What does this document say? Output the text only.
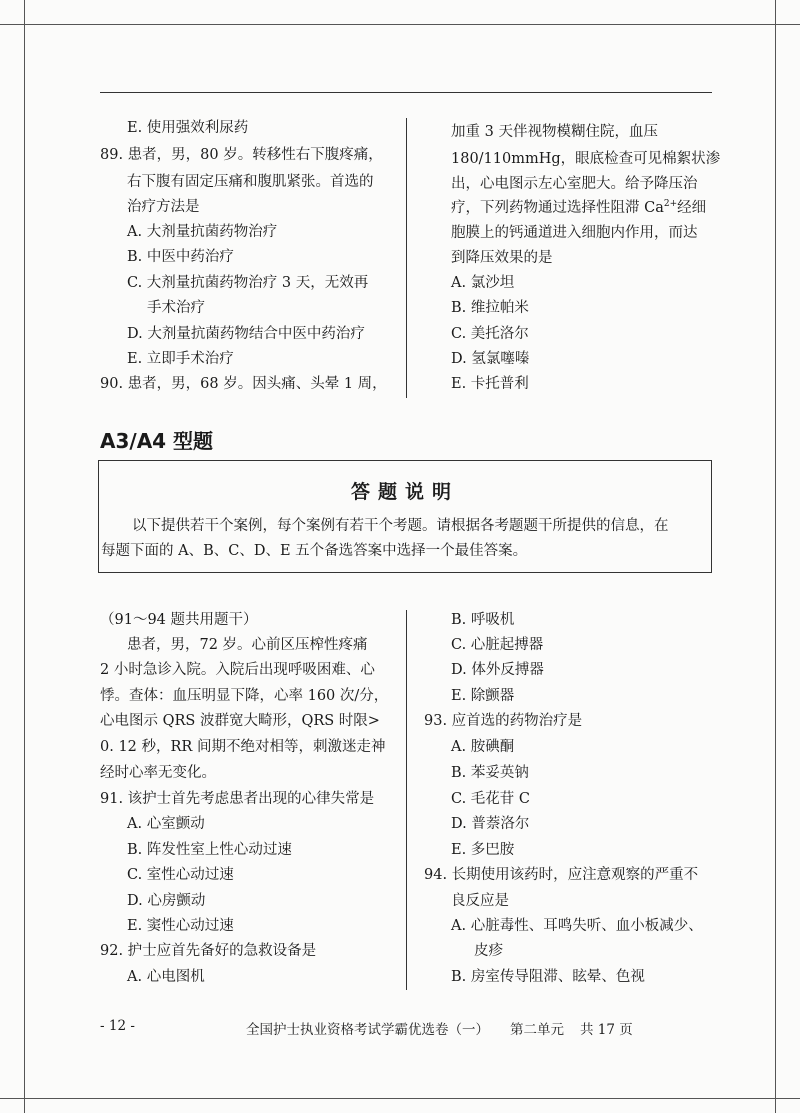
E. 使用强效利尿药
89. 患者，男，80 岁。转移性右下腹疼痛，
右下腹有固定压痛和腹肌紧张。首选的
治疗方法是
A. 大剂量抗菌药物治疗
B. 中医中药治疗
C. 大剂量抗菌药物治疗 3 天，无效再
手术治疗
D. 大剂量抗菌药物结合中医中药治疗
E. 立即手术治疗
90. 患者，男，68 岁。因头痛、头晕 1 周，
加重 3 天伴视物模糊住院，血压
180/110mmHg，眼底检查可见棉絮状渗
出，心电图示左心室肥大。给予降压治
疗，下列药物通过选择性阻滞 $Ca^{2+}$经细
胞膜上的钙通道进入细胞内作用，而达
到降压效果的是
A. 氯沙坦
B. 维拉帕米
C. 美托洛尔
D. 氢氯噻嗪
E. 卡托普利
A3/A4 型题
答题说明
以下提供若干个案例，每个案例有若干个考题。请根据各考题题干所提供的信息，在
每题下面的 A、B、C、D、E 五个备选答案中选择一个最佳答案。
（91～94 题共用题干）
患者，男，72 岁。心前区压榨性疼痛
2 小时急诊入院。入院后出现呼吸困难、心
悸。查体：血压明显下降，心率 160 次/分，
心电图示 QRS 波群宽大畸形，QRS 时限>
0. 12 秒，RR 间期不绝对相等，刺激迷走神
经时心率无变化。
91. 该护士首先考虑患者出现的心律失常是
A. 心室颤动
B. 阵发性室上性心动过速
C. 室性心动过速
D. 心房颤动
E. 窦性心动过速
92. 护士应首先备好的急救设备是
A. 心电图机
B. 呼吸机
C. 心脏起搏器
D. 体外反搏器
E. 除颤器
93. 应首选的药物治疗是
A. 胺碘酮
B. 苯妥英钠
C. 毛花苷 C
D. 普萘洛尔
E. 多巴胺
94. 长期使用该药时，应注意观察的严重不
良反应是
A. 心脏毒性、耳鸣失听、血小板减少、
皮疹
B. 房室传导阻滞、眩晕、色视
- 12 -	全国护士执业资格考试学霸优选卷（一） 第二单元 共 17 页
